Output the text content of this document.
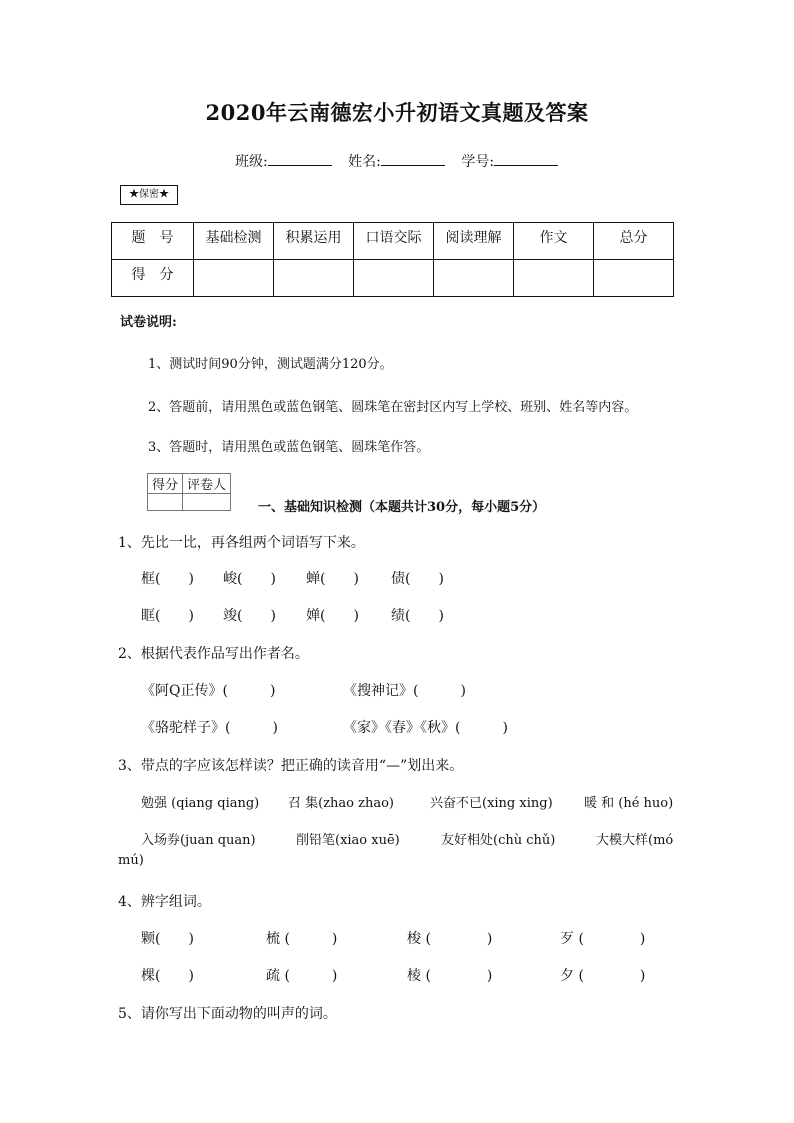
2020年云南德宏小升初语文真题及答案
班级:	姓名:	学号:
★保密★
题　号	基础检测	积累运用	口语交际	阅读理解	作文	总分
得　分						
试卷说明:
1、测试时间90分钟，测试题满分120分。
2、答题前，请用黑色或蓝色钢笔、圆珠笔在密封区内写上学校、班别、姓名等内容。
3、答题时，请用黑色或蓝色钢笔、圆珠笔作答。
得分	评卷人

一、基础知识检测（本题共计30分，每小题5分）
1、先比一比，再各组两个词语写下来。
框(　　) 峻(　　) 蝉(　　) 债(　　)
眶(　　) 竣(　　) 婵(　　) 绩(　　)
2、根据代表作品写出作者名。
《阿Q正传》(　　　)	《搜神记》(　　　)
《骆驼样子》(　　　)	《家》《春》《秋》(　　　)
3、带点的字应该怎样读？把正确的读音用“—”划出来。
勉强 (qiang qiang) 召 集(zhao zhao)	兴奋不已(xing xing) 暖 和 (hé huo)
入场券(juan quan)	削铅笔(xiao xuē)	友好相处(chù chǔ)	大模大样(mó
mú)
4、辨字组词。
颗(　　)	梳 (　　　)	梭 (　　　　)	歹 (　　　　)
棵(　　)	疏 (　　　)	棱 (　　　　)	夕 (　　　　)
5、请你写出下面动物的叫声的词。
